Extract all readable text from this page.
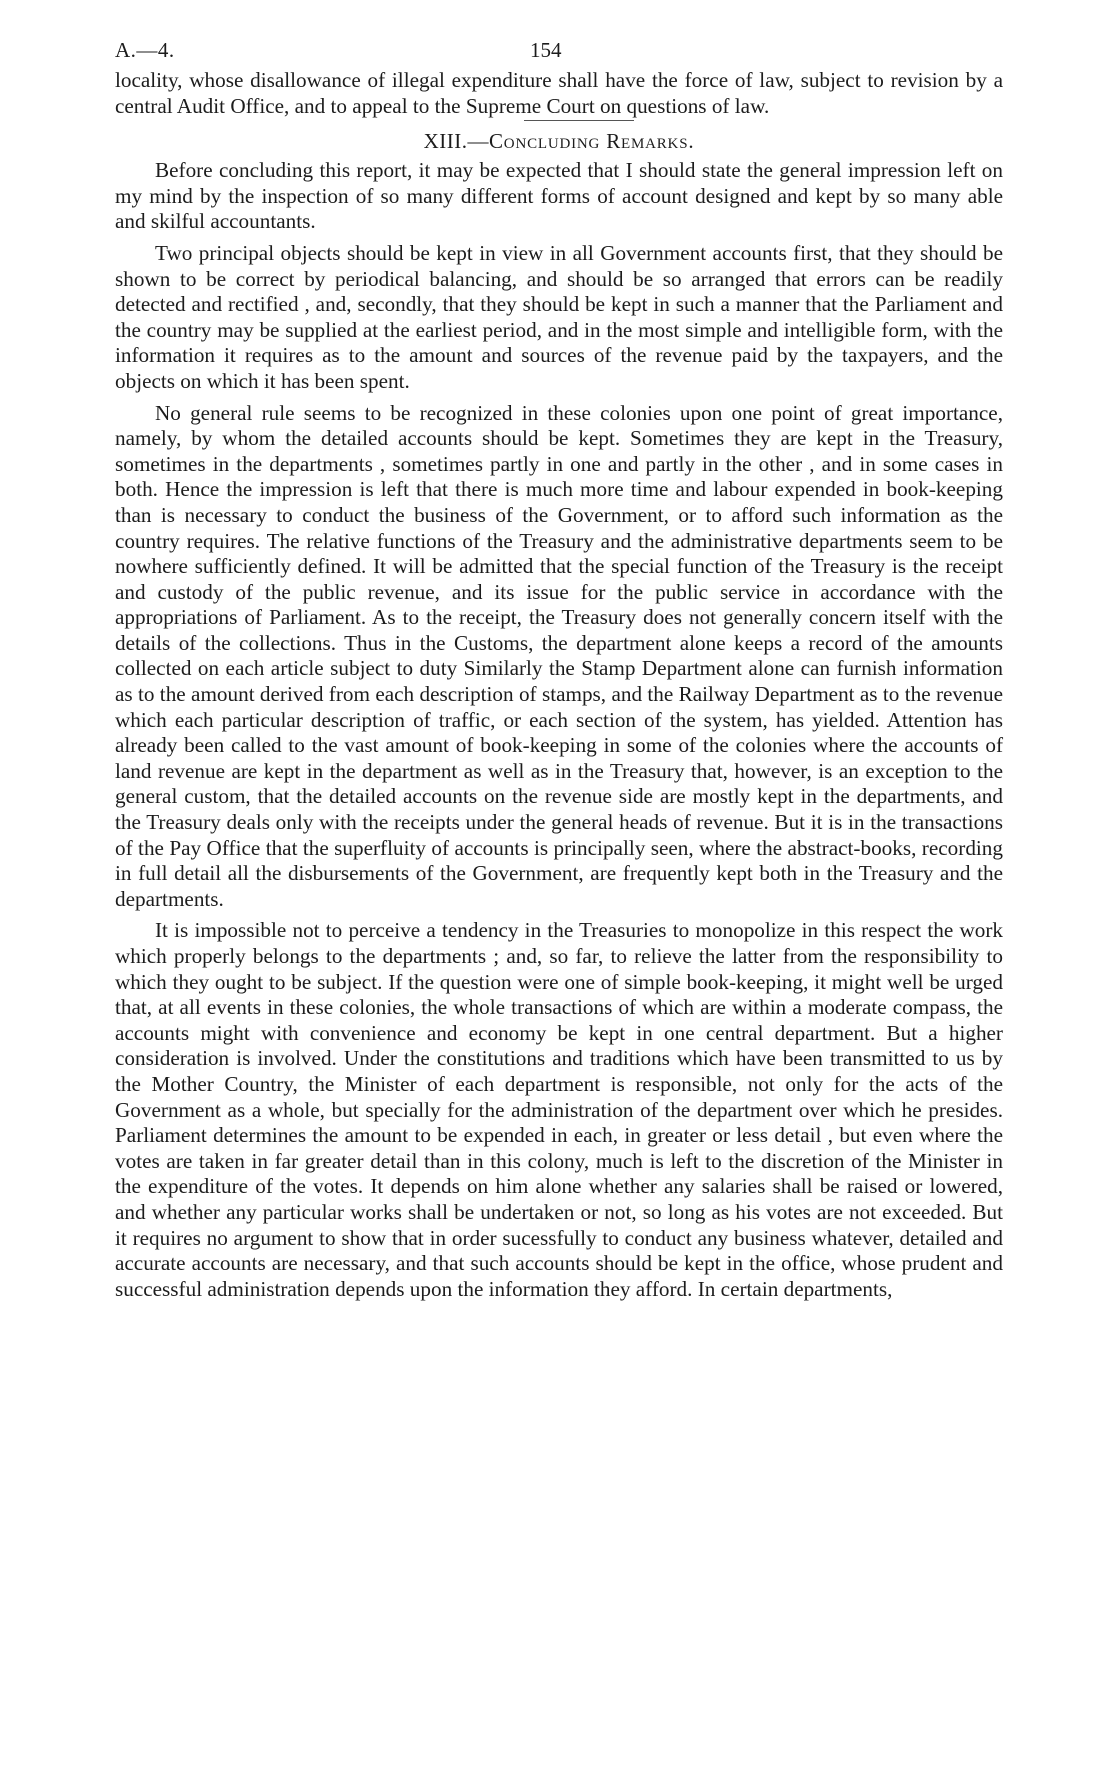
A.—4.	154

locality, whose disallowance of illegal expenditure shall have the force of law, subject to revision by a central Audit Office, and to appeal to the Supreme Court on questions of law.

XIII.—Concluding Remarks.

Before concluding this report, it may be expected that I should state the general impression left on my mind by the inspection of so many different forms of account designed and kept by so many able and skilful accountants.

Two principal objects should be kept in view in all Government accounts first, that they should be shown to be correct by periodical balancing, and should be so arranged that errors can be readily detected and rectified , and, secondly, that they should be kept in such a manner that the Parliament and the country may be supplied at the earliest period, and in the most simple and intelligible form, with the information it requires as to the amount and sources of the revenue paid by the taxpayers, and the objects on which it has been spent.

No general rule seems to be recognized in these colonies upon one point of great importance, namely, by whom the detailed accounts should be kept. Sometimes they are kept in the Treasury, sometimes in the departments , sometimes partly in one and partly in the other , and in some cases in both. Hence the impression is left that there is much more time and labour expended in book-keeping than is necessary to conduct the business of the Government, or to afford such information as the country requires. The relative functions of the Treasury and the administrative departments seem to be nowhere sufficiently defined. It will be admitted that the special function of the Treasury is the receipt and custody of the public revenue, and its issue for the public service in accordance with the appropriations of Parliament. As to the receipt, the Treasury does not generally concern itself with the details of the collections. Thus in the Customs, the department alone keeps a record of the amounts collected on each article subject to duty Similarly the Stamp Department alone can furnish information as to the amount derived from each description of stamps, and the Railway Department as to the revenue which each particular description of traffic, or each section of the system, has yielded. Attention has already been called to the vast amount of book-keeping in some of the colonies where the accounts of land revenue are kept in the department as well as in the Treasury that, however, is an exception to the general custom, that the detailed accounts on the revenue side are mostly kept in the departments, and the Treasury deals only with the receipts under the general heads of revenue. But it is in the transactions of the Pay Office that the superfluity of accounts is principally seen, where the abstract-books, recording in full detail all the disbursements of the Government, are frequently kept both in the Treasury and the departments.

It is impossible not to perceive a tendency in the Treasuries to monopolize in this respect the work which properly belongs to the departments ; and, so far, to relieve the latter from the responsibility to which they ought to be subject. If the question were one of simple book-keeping, it might well be urged that, at all events in these colonies, the whole transactions of which are within a moderate compass, the accounts might with convenience and economy be kept in one central department. But a higher consideration is involved. Under the constitutions and traditions which have been transmitted to us by the Mother Country, the Minister of each department is responsible, not only for the acts of the Government as a whole, but specially for the administration of the department over which he presides. Parliament determines the amount to be expended in each, in greater or less detail , but even where the votes are taken in far greater detail than in this colony, much is left to the discretion of the Minister in the expenditure of the votes. It depends on him alone whether any salaries shall be raised or lowered, and whether any particular works shall be undertaken or not, so long as his votes are not exceeded. But it requires no argument to show that in order sucessfully to conduct any business whatever, detailed and accurate accounts are necessary, and that such accounts should be kept in the office, whose prudent and successful administration depends upon the information they afford. In certain departments,
